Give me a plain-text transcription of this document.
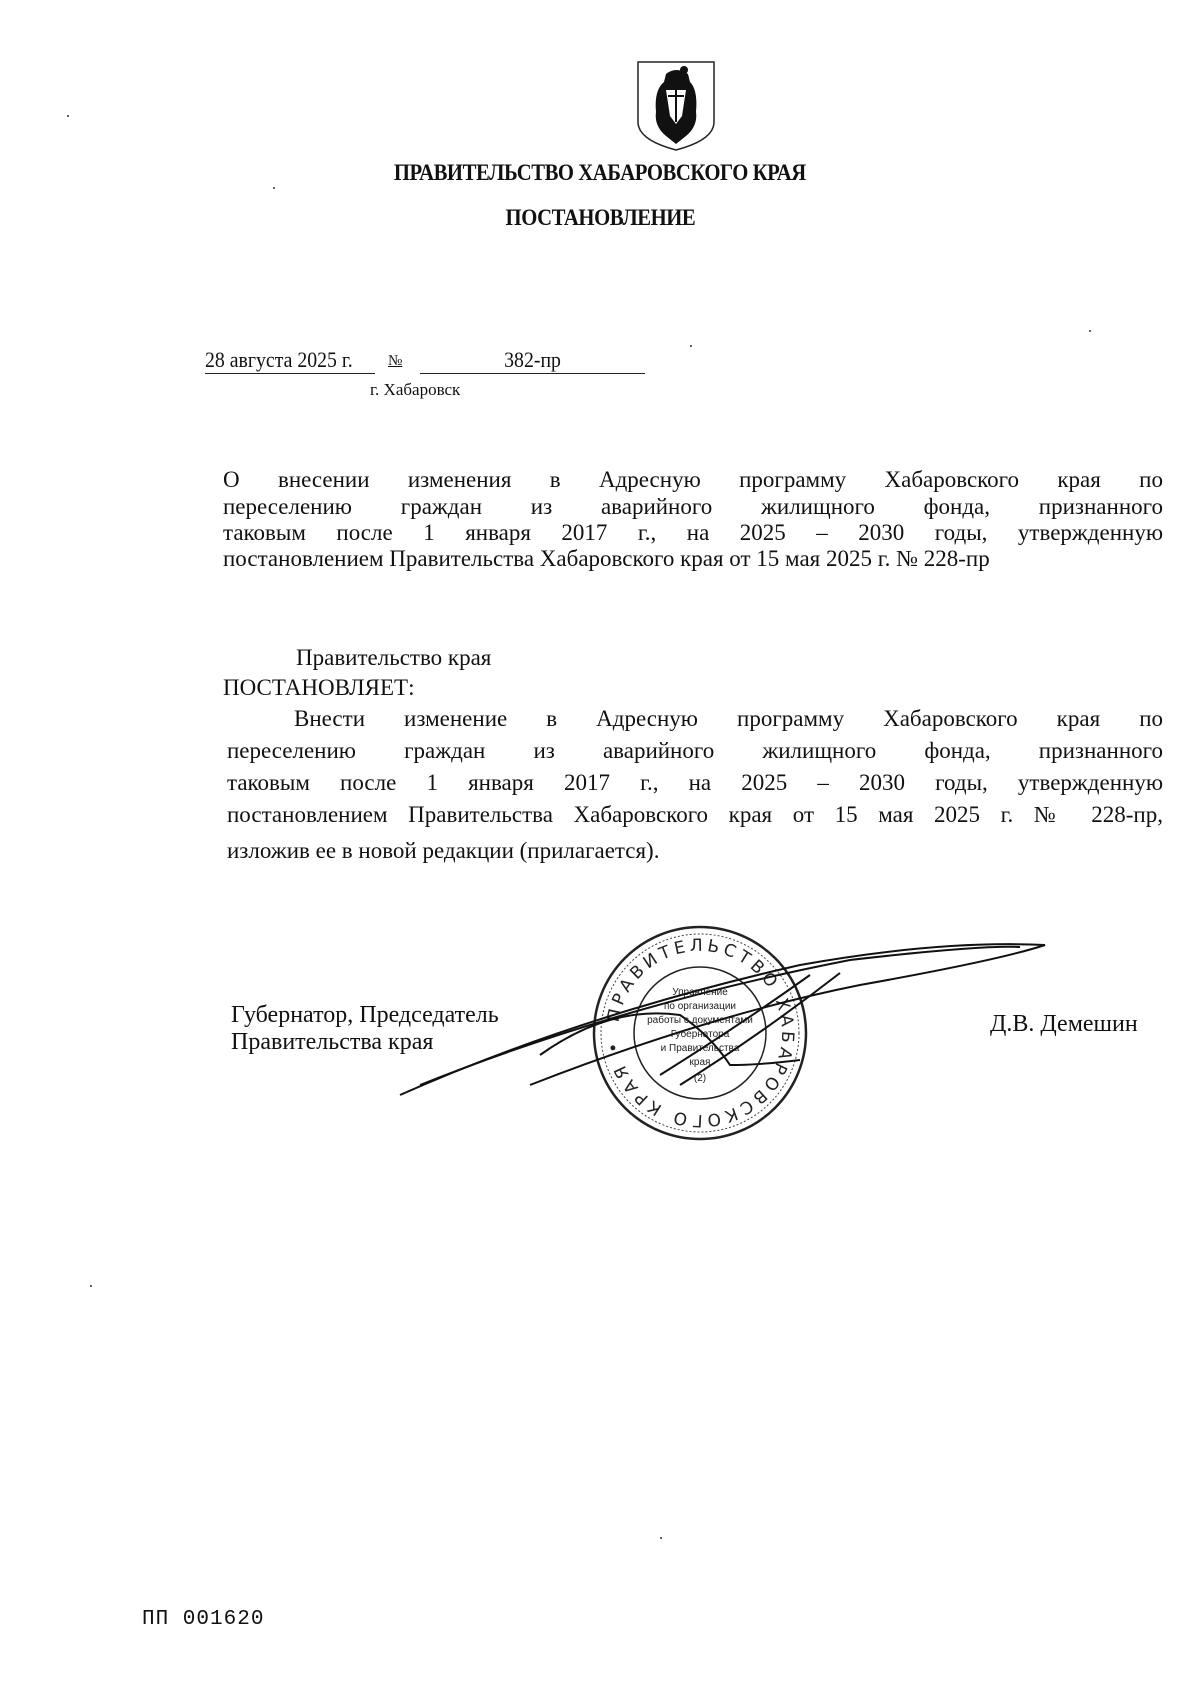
ПРАВИТЕЛЬСТВО ХАБАРОВСКОГО КРАЯ
ПОСТАНОВЛЕНИЕ
28 августа 2025 г.	№	382-пр
г. Хабаровск
О внесении изменения в Адресную программу Хабаровского края по
переселению граждан из аварийного жилищного фонда, признанного
таковым после 1 января 2017 г., на 2025 – 2030 годы, утвержденную
постановлением Правительства Хабаровского края от 15 мая 2025 г. № 228-пр
Правительство края
ПОСТАНОВЛЯЕТ:
Внести изменение в Адресную программу Хабаровского края по
переселению граждан из аварийного жилищного фонда, признанного
таковым после 1 января 2017 г., на 2025 – 2030 годы, утвержденную
постановлением Правительства Хабаровского края от 15 мая 2025 г. № 228-пр,
изложив ее в новой редакции (прилагается).
Губернатор, Председатель
Правительства края
Д.В. Демешин
ПРАВИТЕЛЬСТВО ХАБАРОВСКОГО КРАЯ •
Управление
по организации
работы с документами
Губернатора
и Правительства
края
(2)
ПП 001620
